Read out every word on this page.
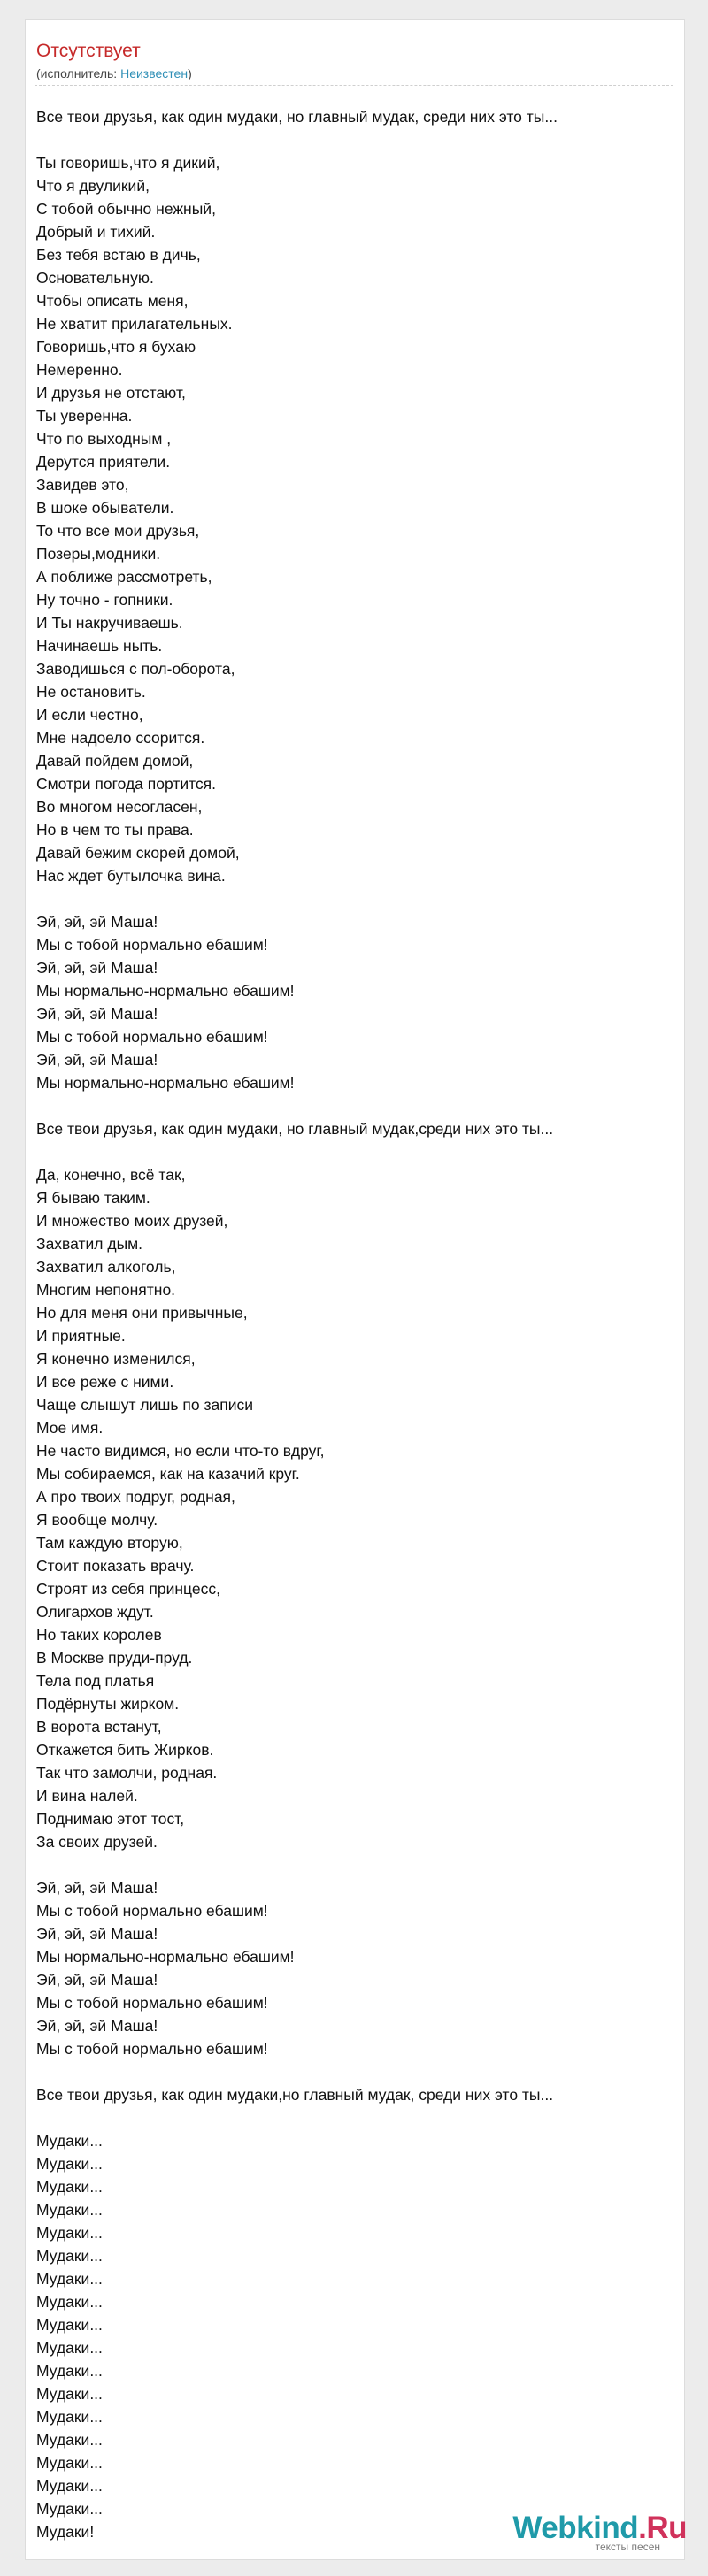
Отсутствует
(исполнитель: Неизвестен)
Все твои друзья, как один мудаки, но главный мудак, среди них это ты...
Ты говоришь,что я дикий,
Что я двуликий,
С тобой обычно нежный,
Добрый и тихий.
Без тебя встаю в дичь,
Основательную.
Чтобы описать меня,
Не хватит прилагательных.
Говоришь,что я бухаю
Немеренно.
И друзья не отстают,
Ты уверенна.
Что по выходным ,
Дерутся приятели.
Завидев это,
В шоке обыватели.
То что все мои друзья,
Позеры,модники.
А поближе рассмотреть,
Ну точно - гопники.
И Ты накручиваешь.
Начинаешь ныть.
Заводишься с пол-оборота,
Не остановить.
И если честно,
Мне надоело ссорится.
Давай пойдем домой,
Смотри погода портится.
Во многом несогласен,
Но в чем то ты права.
Давай бежим скорей домой,
Нас ждет бутылочка вина.
Эй, эй, эй Маша!
Мы с тобой нормально ебашим!
Эй, эй, эй Маша!
Мы нормально-нормально ебашим!
Эй, эй, эй Маша!
Мы с тобой нормально ебашим!
Эй, эй, эй Маша!
Мы нормально-нормально ебашим!
Все твои друзья, как один мудаки, но главный мудак,среди них это ты...
Да, конечно, всё так,
Я бываю таким.
И множество моих друзей,
Захватил дым.
Захватил алкоголь,
Многим непонятно.
Но для меня они привычные,
И приятные.
Я конечно изменился,
И все реже с ними.
Чаще слышут лишь по записи
Мое имя.
Не часто видимся, но если что-то вдруг,
Мы собираемся, как на казачий круг.
А про твоих подруг, родная,
Я вообще молчу.
Там каждую вторую,
Стоит показать врачу.
Строят из себя принцесс,
Олигархов ждут.
Но таких королев
В Москве пруди-пруд.
Тела под платья
Подёрнуты жирком.
В ворота встанут,
Откажется бить Жирков.
Так что замолчи, родная.
И вина налей.
Поднимаю этот тост,
За своих друзей.
Эй, эй, эй Маша!
Мы с тобой нормально ебашим!
Эй, эй, эй Маша!
Мы нормально-нормально ебашим!
Эй, эй, эй Маша!
Мы с тобой нормально ебашим!
Эй, эй, эй Маша!
Мы с тобой нормально ебашим!
Все твои друзья, как один мудаки,но главный мудак, среди них это ты...
Мудаки...
Мудаки...
Мудаки...
Мудаки...
Мудаки...
Мудаки...
Мудаки...
Мудаки...
Мудаки...
Мудаки...
Мудаки...
Мудаки...
Мудаки...
Мудаки...
Мудаки...
Мудаки...
Мудаки...
Мудаки!	Webkind.Ru
тексты песен
